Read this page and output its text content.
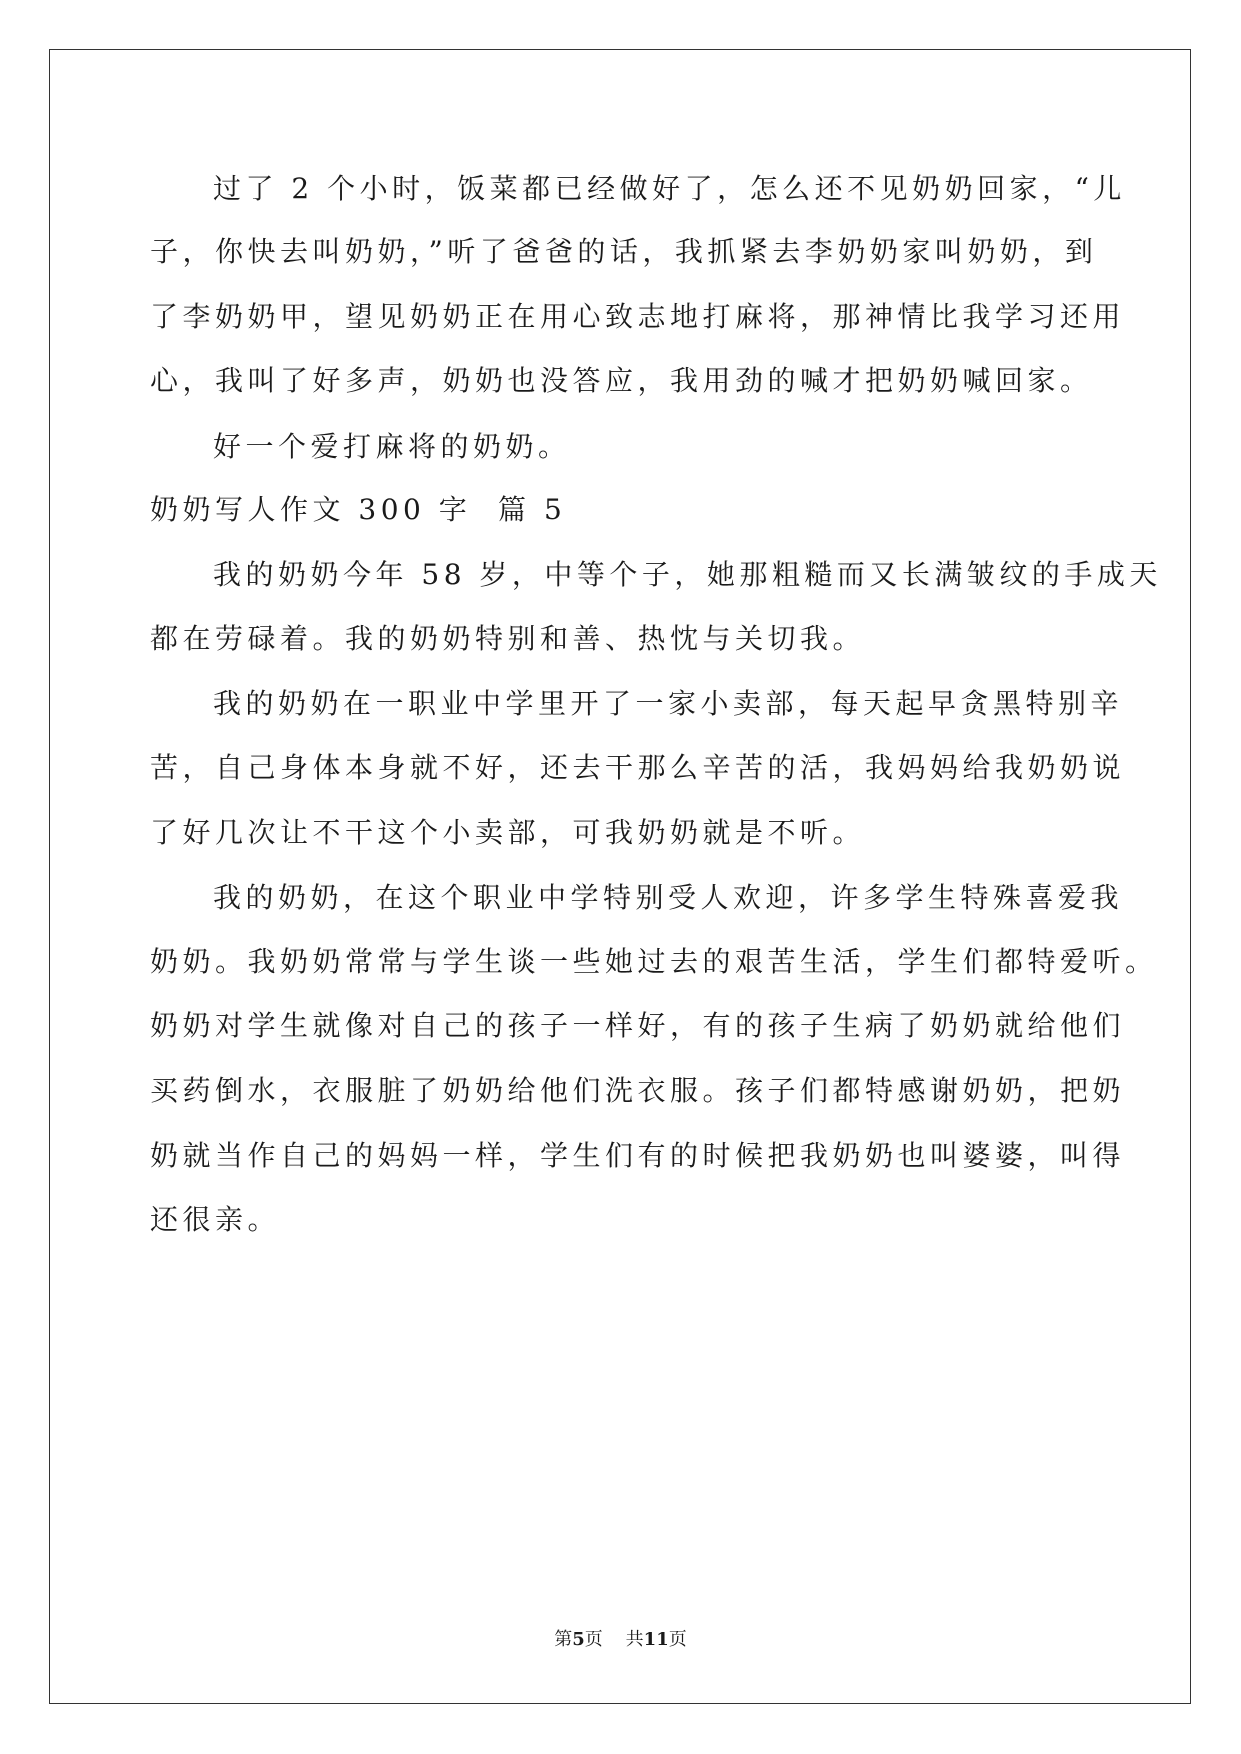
过了 2 个小时，饭菜都已经做好了，怎么还不见奶奶回家，“儿
子，你快去叫奶奶，”听了爸爸的话，我抓紧去李奶奶家叫奶奶，到
了李奶奶甲，望见奶奶正在用心致志地打麻将，那神情比我学习还用
心，我叫了好多声，奶奶也没答应，我用劲的喊才把奶奶喊回家。
好一个爱打麻将的奶奶。
奶奶写人作文 300 字  篇 5
我的奶奶今年 58 岁，中等个子，她那粗糙而又长满皱纹的手成天
都在劳碌着。我的奶奶特别和善、热忱与关切我。
我的奶奶在一职业中学里开了一家小卖部，每天起早贪黑特别辛
苦，自己身体本身就不好，还去干那么辛苦的活，我妈妈给我奶奶说
了好几次让不干这个小卖部，可我奶奶就是不听。
我的奶奶，在这个职业中学特别受人欢迎，许多学生特殊喜爱我
奶奶。我奶奶常常与学生谈一些她过去的艰苦生活，学生们都特爱听。
奶奶对学生就像对自己的孩子一样好，有的孩子生病了奶奶就给他们
买药倒水，衣服脏了奶奶给他们洗衣服。孩子们都特感谢奶奶，把奶
奶就当作自己的妈妈一样，学生们有的时候把我奶奶也叫婆婆，叫得
还很亲。
第5页    共11页
